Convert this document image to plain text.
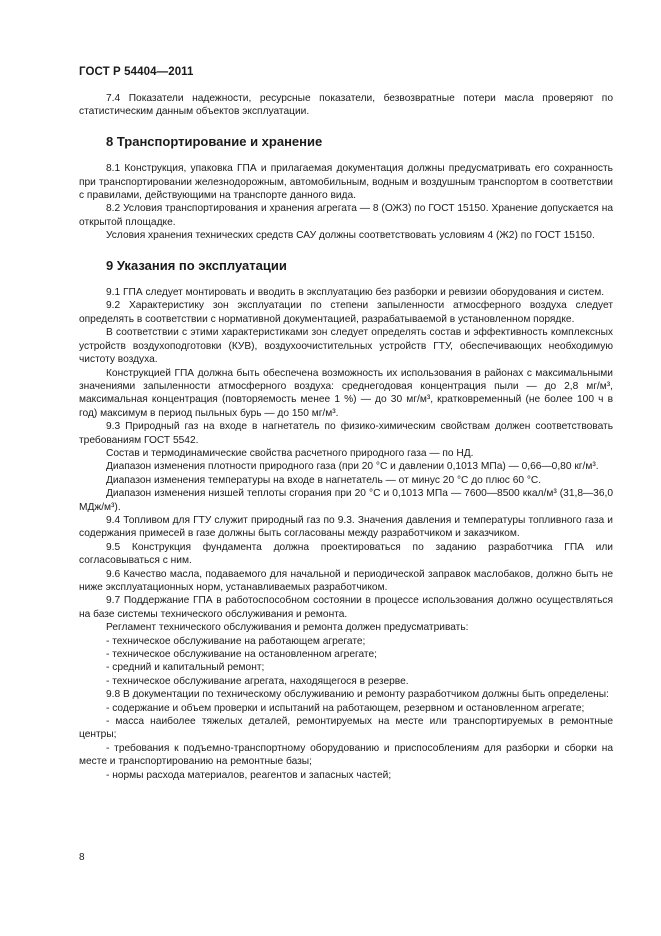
ГОСТ Р 54404—2011

7.4 Показатели надежности, ресурсные показатели, безвозвратные потери масла проверяют по статистическим данным объектов эксплуатации.

8 Транспортирование и хранение

8.1 Конструкция, упаковка ГПА и прилагаемая документация должны предусматривать его сохранность при транспортировании железнодорожным, автомобильным, водным и воздушным транспортом в соответствии с правилами, действующими на транспорте данного вида.

8.2 Условия транспортирования и хранения агрегата — 8 (ОЖЗ) по ГОСТ 15150. Хранение допускается на открытой площадке.

Условия хранения технических средств САУ должны соответствовать условиям 4 (Ж2) по ГОСТ 15150.

9 Указания по эксплуатации

9.1 ГПА следует монтировать и вводить в эксплуатацию без разборки и ревизии оборудования и систем.

9.2 Характеристику зон эксплуатации по степени запыленности атмосферного воздуха следует определять в соответствии с нормативной документацией, разрабатываемой в установленном порядке.

В соответствии с этими характеристиками зон следует определять состав и эффективность комплексных устройств воздухоподготовки (КУВ), воздухоочистительных устройств ГТУ, обеспечивающих необходимую чистоту воздуха.

Конструкцией ГПА должна быть обеспечена возможность их использования в районах с максимальными значениями запыленности атмосферного воздуха: среднегодовая концентрация пыли — до 2,8 мг/м³, максимальная концентрация (повторяемость менее 1 %) — до 30 мг/м³, кратковременный (не более 100 ч в год) максимум в период пыльных бурь — до 150 мг/м³.

9.3 Природный газ на входе в нагнетатель по физико-химическим свойствам должен соответствовать требованиям ГОСТ 5542.

Состав и термодинамические свойства расчетного природного газа — по НД.

Диапазон изменения плотности природного газа (при 20 °C и давлении 0,1013 МПа) — 0,66—0,80 кг/м³.

Диапазон изменения температуры на входе в нагнетатель — от минус 20 °C до плюс 60 °C.

Диапазон изменения низшей теплоты сгорания при 20 °C и 0,1013 МПа — 7600—8500 ккал/м³ (31,8—36,0 МДж/м³).

9.4 Топливом для ГТУ служит природный газ по 9.3. Значения давления и температуры топливного газа и содержания примесей в газе должны быть согласованы между разработчиком и заказчиком.

9.5 Конструкция фундамента должна проектироваться по заданию разработчика ГПА или согласовываться с ним.

9.6 Качество масла, подаваемого для начальной и периодической заправок маслобаков, должно быть не ниже эксплуатационных норм, устанавливаемых разработчиком.

9.7 Поддержание ГПА в работоспособном состоянии в процессе использования должно осуществляться на базе системы технического обслуживания и ремонта.

Регламент технического обслуживания и ремонта должен предусматривать:

- техническое обслуживание на работающем агрегате;

- техническое обслуживание на остановленном агрегате;

- средний и капитальный ремонт;

- техническое обслуживание агрегата, находящегося в резерве.

9.8 В документации по техническому обслуживанию и ремонту разработчиком должны быть определены:

- содержание и объем проверки и испытаний на работающем, резервном и остановленном агрегате;

- масса наиболее тяжелых деталей, ремонтируемых на месте или транспортируемых в ремонтные центры;

- требования к подъемно-транспортному оборудованию и приспособлениям для разборки и сборки на месте и транспортированию на ремонтные базы;

- нормы расхода материалов, реагентов и запасных частей;

8
